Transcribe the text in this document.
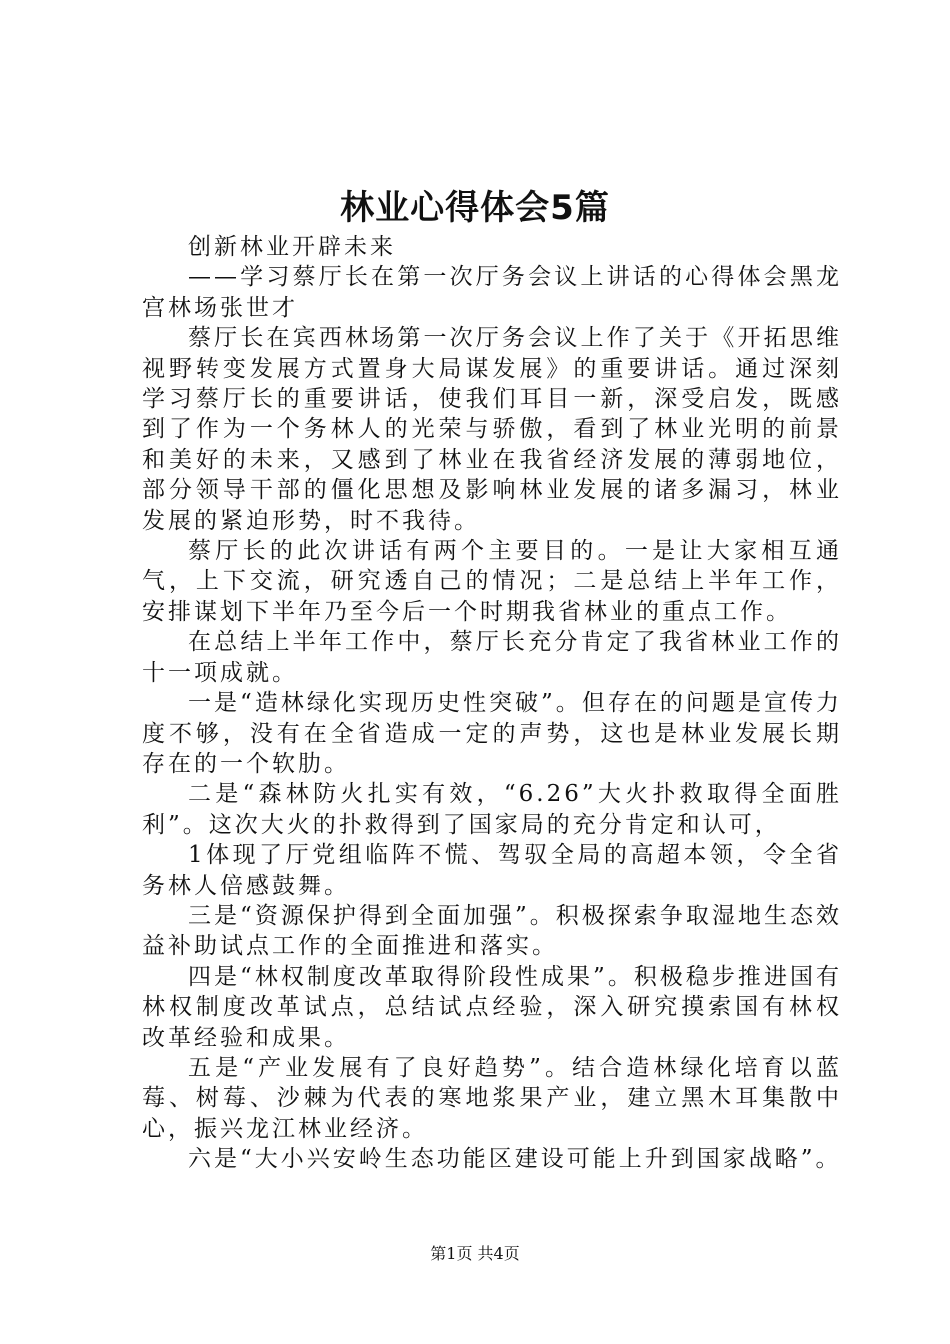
林业心得体会5篇

创新林业开辟未来

——学习蔡厅长在第一次厅务会议上讲话的心得体会黑龙宫林场张世才

蔡厅长在宾西林场第一次厅务会议上作了关于《开拓思维视野转变发展方式置身大局谋发展》的重要讲话。通过深刻学习蔡厅长的重要讲话，使我们耳目一新，深受启发，既感到了作为一个务林人的光荣与骄傲，看到了林业光明的前景和美好的未来，又感到了林业在我省经济发展的薄弱地位，部分领导干部的僵化思想及影响林业发展的诸多漏习，林业发展的紧迫形势，时不我待。

蔡厅长的此次讲话有两个主要目的。一是让大家相互通气，上下交流，研究透自己的情况；二是总结上半年工作，安排谋划下半年乃至今后一个时期我省林业的重点工作。

在总结上半年工作中，蔡厅长充分肯定了我省林业工作的十一项成就。

一是“造林绿化实现历史性突破”。但存在的问题是宣传力度不够，没有在全省造成一定的声势，这也是林业发展长期存在的一个软肋。

二是“森林防火扎实有效，“6.26”大火扑救取得全面胜利”。这次大火的扑救得到了国家局的充分肯定和认可，

1体现了厅党组临阵不慌、驾驭全局的高超本领，令全省务林人倍感鼓舞。

三是“资源保护得到全面加强”。积极探索争取湿地生态效益补助试点工作的全面推进和落实。

四是“林权制度改革取得阶段性成果”。积极稳步推进国有林权制度改革试点，总结试点经验，深入研究摸索国有林权改革经验和成果。

五是“产业发展有了良好趋势”。结合造林绿化培育以蓝莓、树莓、沙棘为代表的寒地浆果产业，建立黑木耳集散中心，振兴龙江林业经济。

六是“大小兴安岭生态功能区建设可能上升到国家战略”。

第1页 共4页
